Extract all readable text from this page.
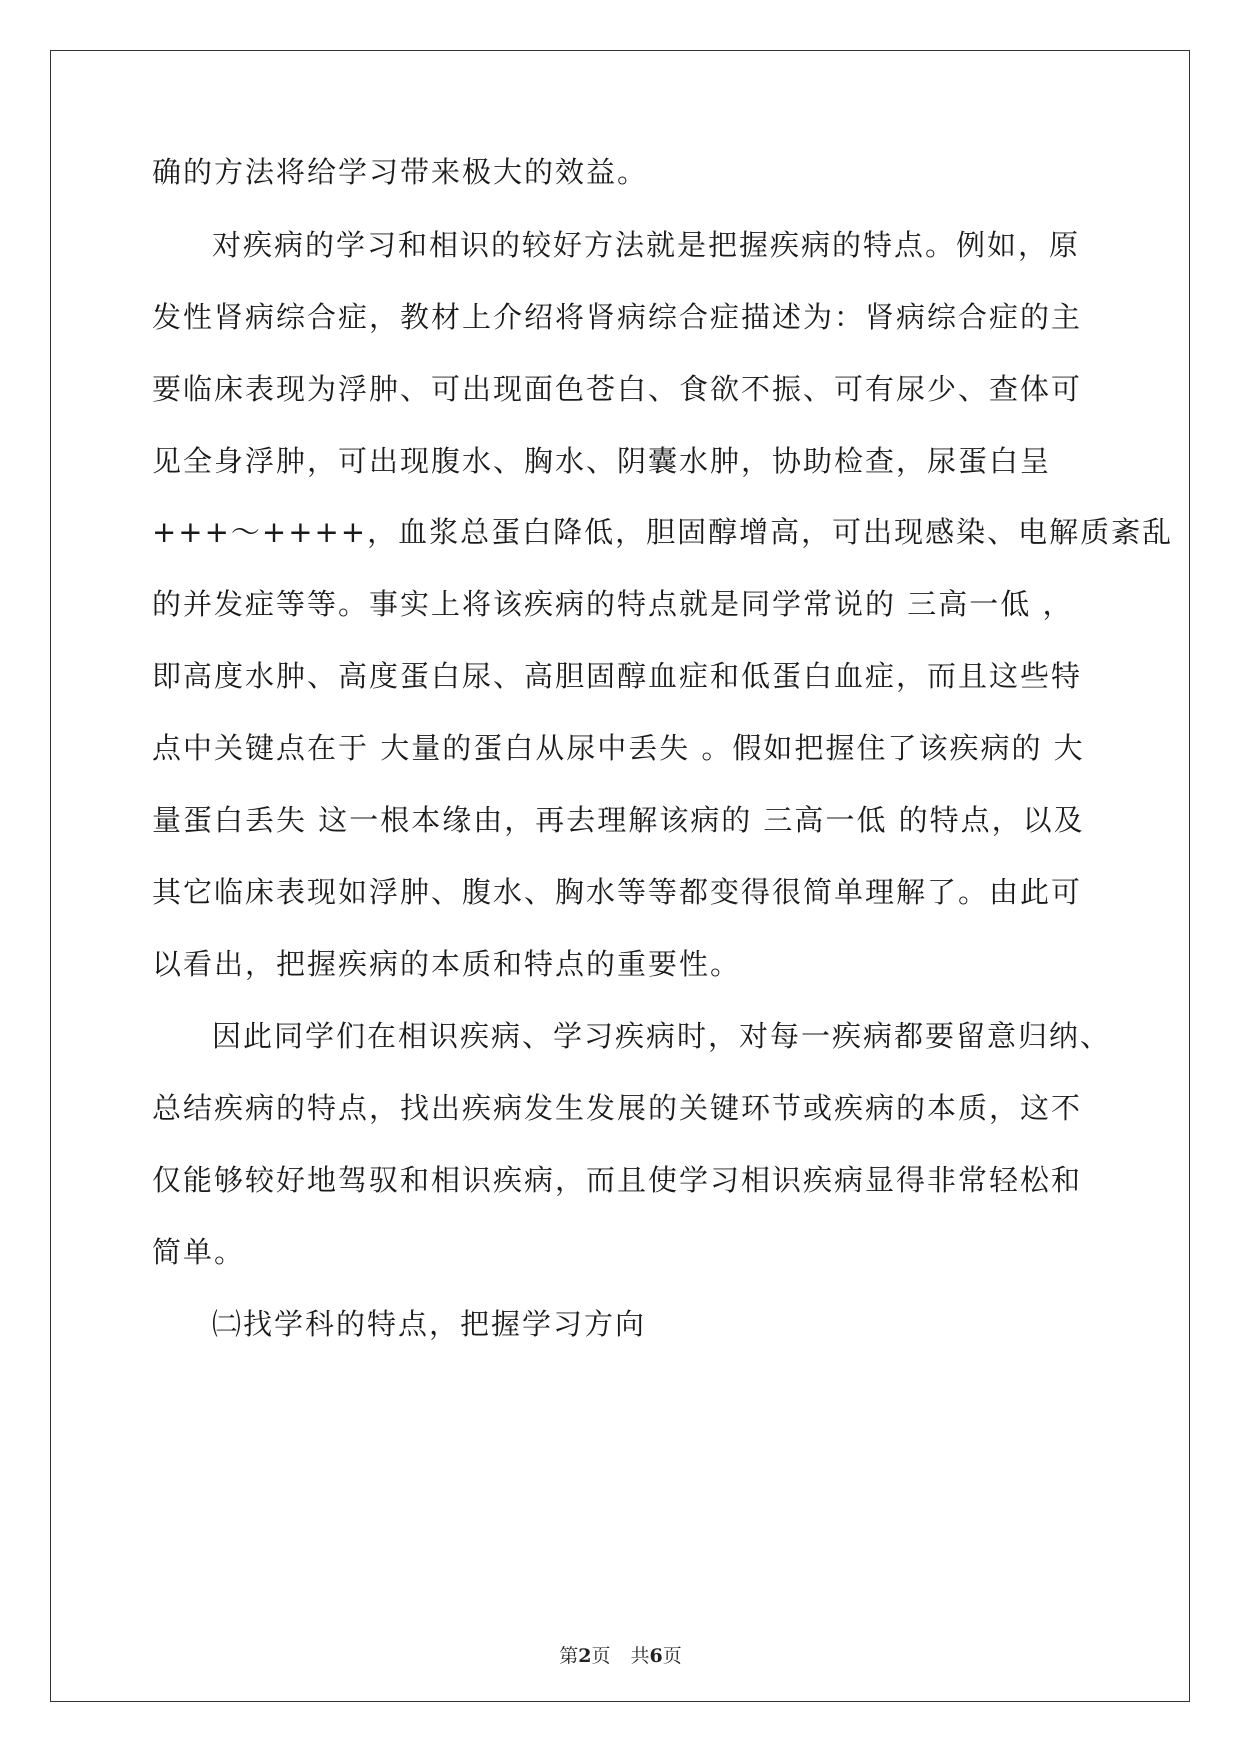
确的方法将给学习带来极大的效益。
对疾病的学习和相识的较好方法就是把握疾病的特点。例如，原
发性肾病综合症，教材上介绍将肾病综合症描述为：肾病综合症的主
要临床表现为浮肿、可出现面色苍白、食欲不振、可有尿少、查体可
见全身浮肿，可出现腹水、胸水、阴囊水肿，协助检查，尿蛋白呈
+++～++++，血浆总蛋白降低，胆固醇增高，可出现感染、电解质紊乱
的并发症等等。事实上将该疾病的特点就是同学常说的 三高一低 ，
即高度水肿、高度蛋白尿、高胆固醇血症和低蛋白血症，而且这些特
点中关键点在于 大量的蛋白从尿中丢失 。假如把握住了该疾病的 大
量蛋白丢失 这一根本缘由，再去理解该病的 三高一低 的特点，以及
其它临床表现如浮肿、腹水、胸水等等都变得很简单理解了。由此可
以看出，把握疾病的本质和特点的重要性。
因此同学们在相识疾病、学习疾病时，对每一疾病都要留意归纳、
总结疾病的特点，找出疾病发生发展的关键环节或疾病的本质，这不
仅能够较好地驾驭和相识疾病，而且使学习相识疾病显得非常轻松和
简单。
㈡找学科的特点，把握学习方向
第2页 共6页
